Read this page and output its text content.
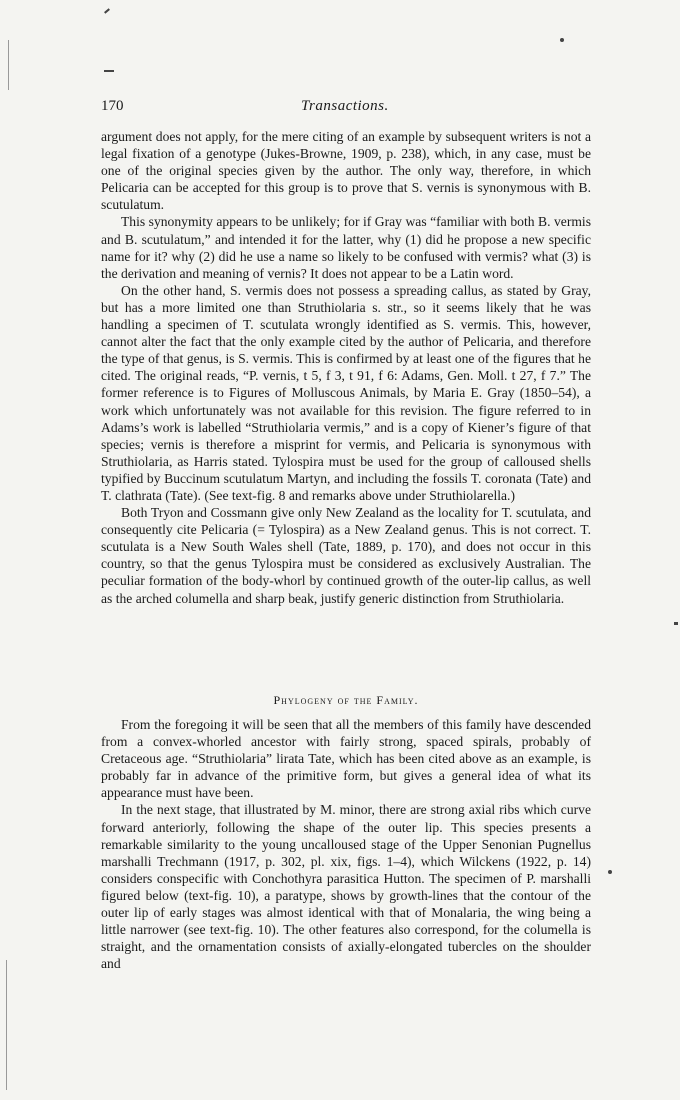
170	Transactions.

argument does not apply, for the mere citing of an example by subsequent writers is not a legal fixation of a genotype (Jukes-Browne, 1909, p. 238), which, in any case, must be one of the original species given by the author. The only way, therefore, in which Pelicaria can be accepted for this group is to prove that S. vernis is synonymous with B. scutulatum.

This synonymity appears to be unlikely; for if Gray was “familiar with both B. vermis and B. scutulatum,” and intended it for the latter, why (1) did he propose a new specific name for it? why (2) did he use a name so likely to be confused with vermis? what (3) is the derivation and meaning of vernis? It does not appear to be a Latin word.

On the other hand, S. vermis does not possess a spreading callus, as stated by Gray, but has a more limited one than Struthiolaria s. str., so it seems likely that he was handling a specimen of T. scutulata wrongly identified as S. vermis. This, however, cannot alter the fact that the only example cited by the author of Pelicaria, and therefore the type of that genus, is S. vermis. This is confirmed by at least one of the figures that he cited. The original reads, “P. vernis, t 5, f 3, t 91, f 6: Adams, Gen. Moll. t 27, f 7.” The former reference is to Figures of Molluscous Animals, by Maria E. Gray (1850–54), a work which unfortunately was not available for this revision. The figure referred to in Adams’s work is labelled “Struthiolaria vermis,” and is a copy of Kiener’s figure of that species; vernis is therefore a misprint for vermis, and Pelicaria is synonymous with Struthiolaria, as Harris stated. Tylospira must be used for the group of calloused shells typified by Buccinum scutulatum Martyn, and including the fossils T. coronata (Tate) and T. clathrata (Tate). (See text-fig. 8 and remarks above under Struthiolarella.)

Both Tryon and Cossmann give only New Zealand as the locality for T. scutulata, and consequently cite Pelicaria (= Tylospira) as a New Zealand genus. This is not correct. T. scutulata is a New South Wales shell (Tate, 1889, p. 170), and does not occur in this country, so that the genus Tylospira must be considered as exclusively Australian. The peculiar formation of the body-whorl by continued growth of the outer-lip callus, as well as the arched columella and sharp beak, justify generic distinction from Struthiolaria.

Phylogeny of the Family.

From the foregoing it will be seen that all the members of this family have descended from a convex-whorled ancestor with fairly strong, spaced spirals, probably of Cretaceous age. “Struthiolaria” lirata Tate, which has been cited above as an example, is probably far in advance of the primitive form, but gives a general idea of what its appearance must have been.

In the next stage, that illustrated by M. minor, there are strong axial ribs which curve forward anteriorly, following the shape of the outer lip. This species presents a remarkable similarity to the young uncalloused stage of the Upper Senonian Pugnellus marshalli Trechmann (1917, p. 302, pl. xix, figs. 1–4), which Wilckens (1922, p. 14) considers conspecific with Conchothyra parasitica Hutton. The specimen of P. marshalli figured below (text-fig. 10), a paratype, shows by growth-lines that the contour of the outer lip of early stages was almost identical with that of Monalaria, the wing being a little narrower (see text-fig. 10). The other features also correspond, for the columella is straight, and the ornamentation consists of axially-elongated tubercles on the shoulder and
